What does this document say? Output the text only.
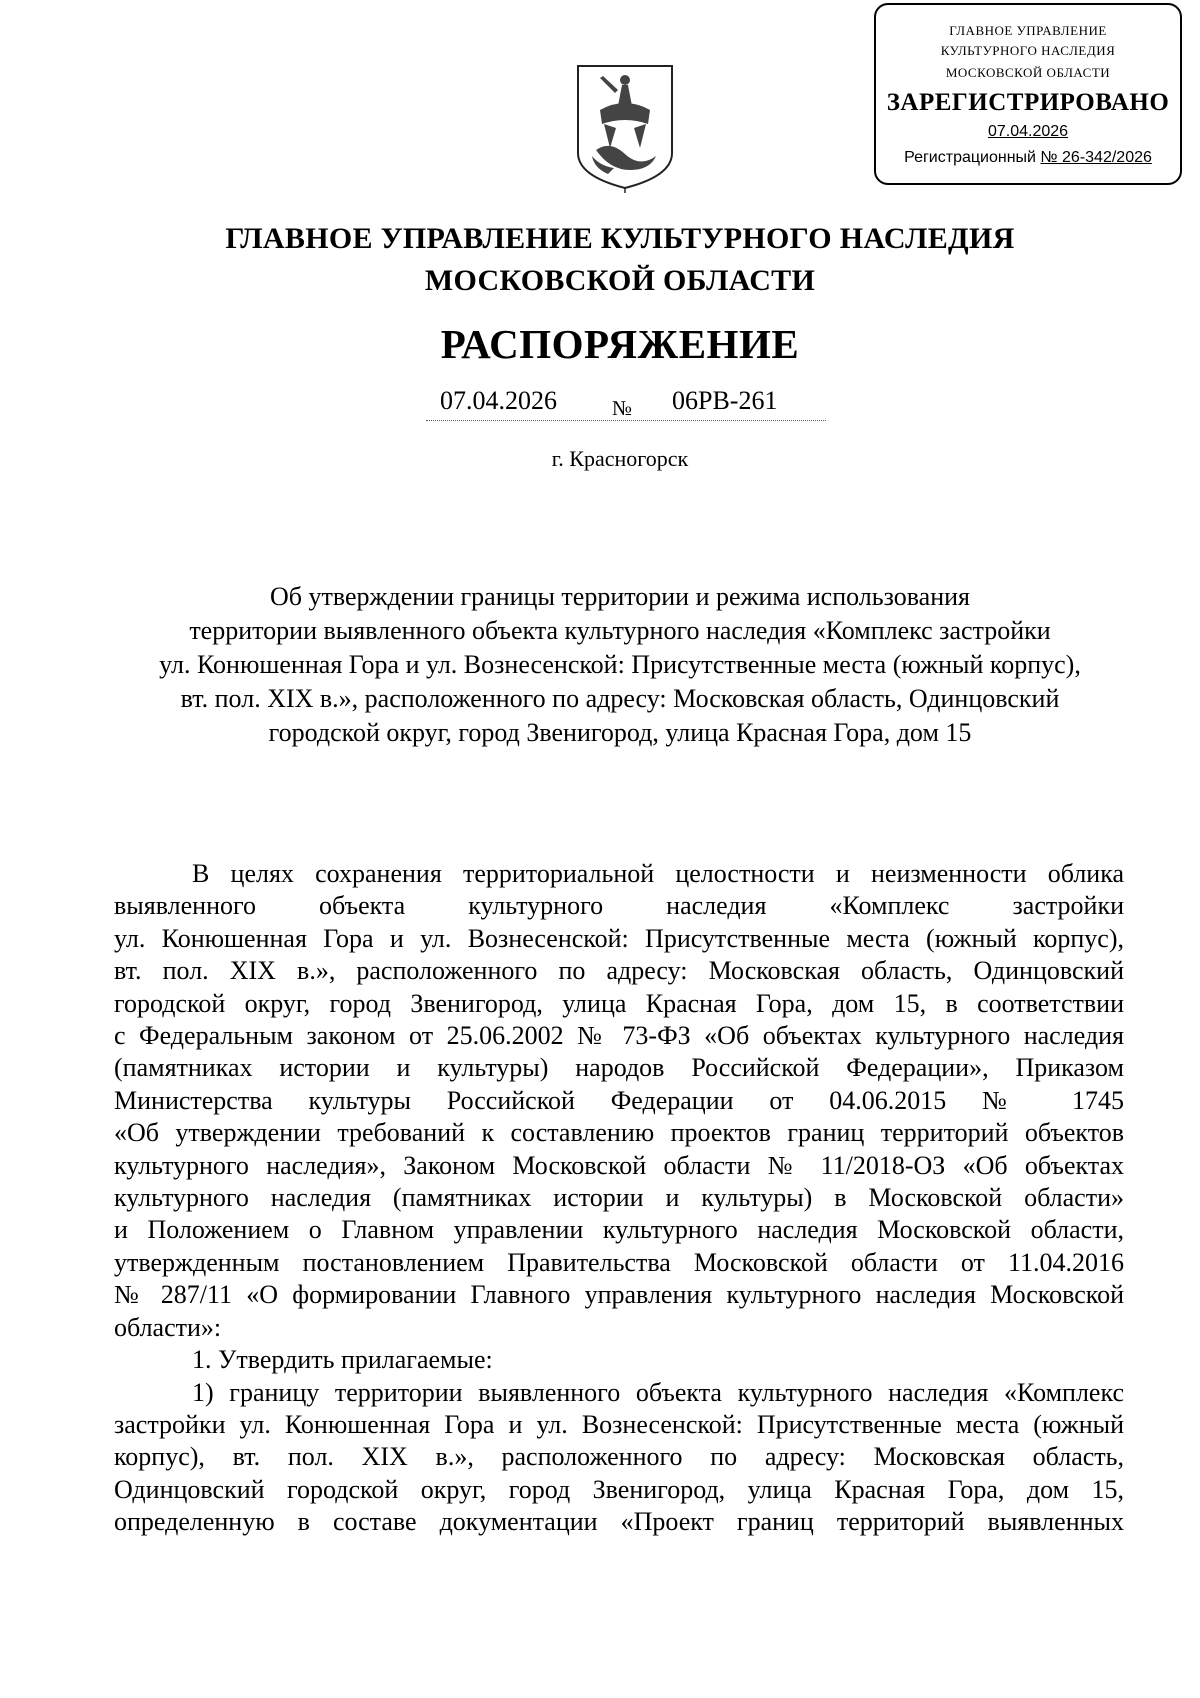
ГЛАВНОЕ УПРАВЛЕНИЕ
КУЛЬТУРНОГО НАСЛЕДИЯ
МОСКОВСКОЙ ОБЛАСТИ
ЗАРЕГИСТРИРОВАНО
07.04.2026
Регистрационный № 26-342/2026
ГЛАВНОЕ УПРАВЛЕНИЕ КУЛЬТУРНОГО НАСЛЕДИЯ
МОСКОВСКОЙ ОБЛАСТИ
РАСПОРЯЖЕНИЕ
07.04.2026	№ 06РВ-261
г. Красногорск
Об утверждении границы территории и режима использования
территории выявленного объекта культурного наследия «Комплекс застройки
ул. Конюшенная Гора и ул. Вознесенской: Присутственные места (южный корпус),
вт. пол. XIX в.», расположенного по адресу: Московская область, Одинцовский
городской округ, город Звенигород, улица Красная Гора, дом 15

В целях сохранения территориальной целостности и неизменности облика

выявленного объекта культурного наследия «Комплекс застройки

ул. Конюшенная Гора и ул. Вознесенской: Присутственные места (южный корпус),

вт. пол. XIX в.», расположенного по адресу: Московская область, Одинцовский

городской округ, город Звенигород, улица Красная Гора, дом 15, в соответствии

с Федеральным законом от 25.06.2002 № 73-ФЗ «Об объектах культурного наследия

(памятниках истории и культуры) народов Российской Федерации», Приказом

Министерства культуры Российской Федерации от 04.06.2015 № 1745

«Об утверждении требований к составлению проектов границ территорий объектов

культурного наследия», Законом Московской области № 11/2018-ОЗ «Об объектах

культурного наследия (памятниках истории и культуры) в Московской области»

и Положением о Главном управлении культурного наследия Московской области,

утвержденным постановлением Правительства Московской области от 11.04.2016

№ 287/11 «О формировании Главного управления культурного наследия Московской

области»:

1. Утвердить прилагаемые:

1) границу территории выявленного объекта культурного наследия «Комплекс

застройки ул. Конюшенная Гора и ул. Вознесенской: Присутственные места (южный

корпус), вт. пол. XIX в.», расположенного по адресу: Московская область,

Одинцовский городской округ, город Звенигород, улица Красная Гора, дом 15,

определенную в составе документации «Проект границ территорий выявленных
